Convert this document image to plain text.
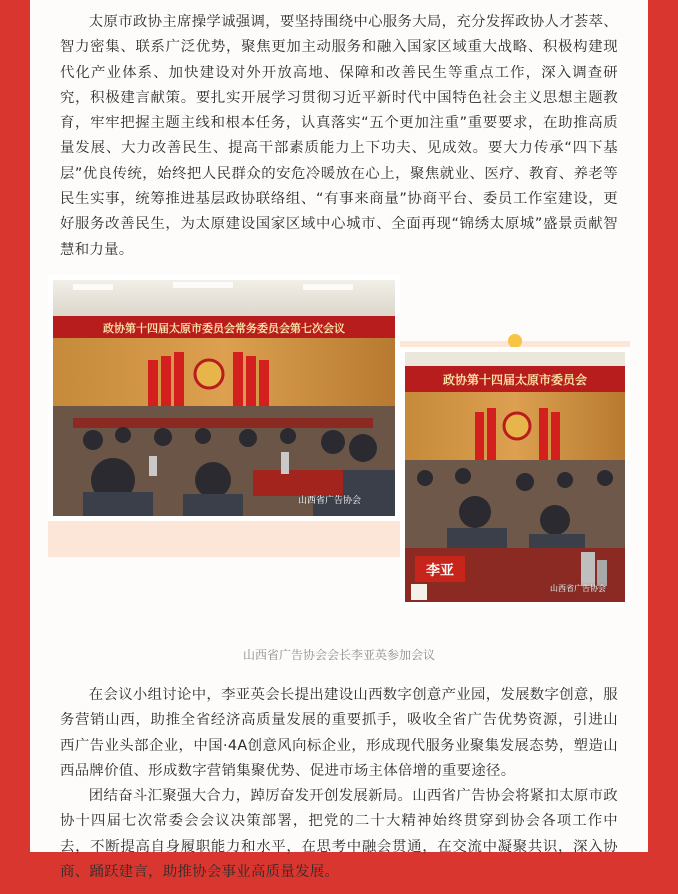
太原市政协主席操学诚强调，要坚持围绕中心服务大局，充分发挥政协人才荟萃、智力密集、联系广泛优势，聚焦更加主动服务和融入国家区域重大战略、积极构建现代化产业体系、加快建设对外开放高地、保障和改善民生等重点工作，深入调查研究，积极建言献策。要扎实开展学习贯彻习近平新时代中国特色社会主义思想主题教育，牢牢把握主题主线和根本任务，认真落实“五个更加注重”重要要求，在助推高质量发展、大力改善民生、提高干部素质能力上下功夫、见成效。要大力传承“四下基层”优良传统，始终把人民群众的安危冷暖放在心上，聚焦就业、医疗、教育、养老等民生实事，统筹推进基层政协联络组、“有事来商量”协商平台、委员工作室建设，更好服务改善民生，为太原建设国家区域中心城市、全面再现“锦绣太原城”盛景贡献智慧和力量。

政协第十四届太原市委员会常务委员会第七次会议
山西省广告协会
政协第十四届太原市委员会
李亚
山西省广告协会
山西省广告协会会长李亚英参加会议

在会议小组讨论中，李亚英会长提出建设山西数字创意产业园，发展数字创意，服务营销山西，助推全省经济高质量发展的重要抓手，吸收全省广告优势资源，引进山西广告业头部企业，中国·4A创意风向标企业，形成现代服务业聚集发展态势，塑造山西品牌价值、形成数字营销集聚优势、促进市场主体倍增的重要途径。

团结奋斗汇聚强大合力，踔厉奋发开创发展新局。山西省广告协会将紧扣太原市政协十四届七次常委会会议决策部署，把党的二十大精神始终贯穿到协会各项工作中去，不断提高自身履职能力和水平，在思考中融会贯通，在交流中凝聚共识，深入协商、踊跃建言，助推协会事业高质量发展。
